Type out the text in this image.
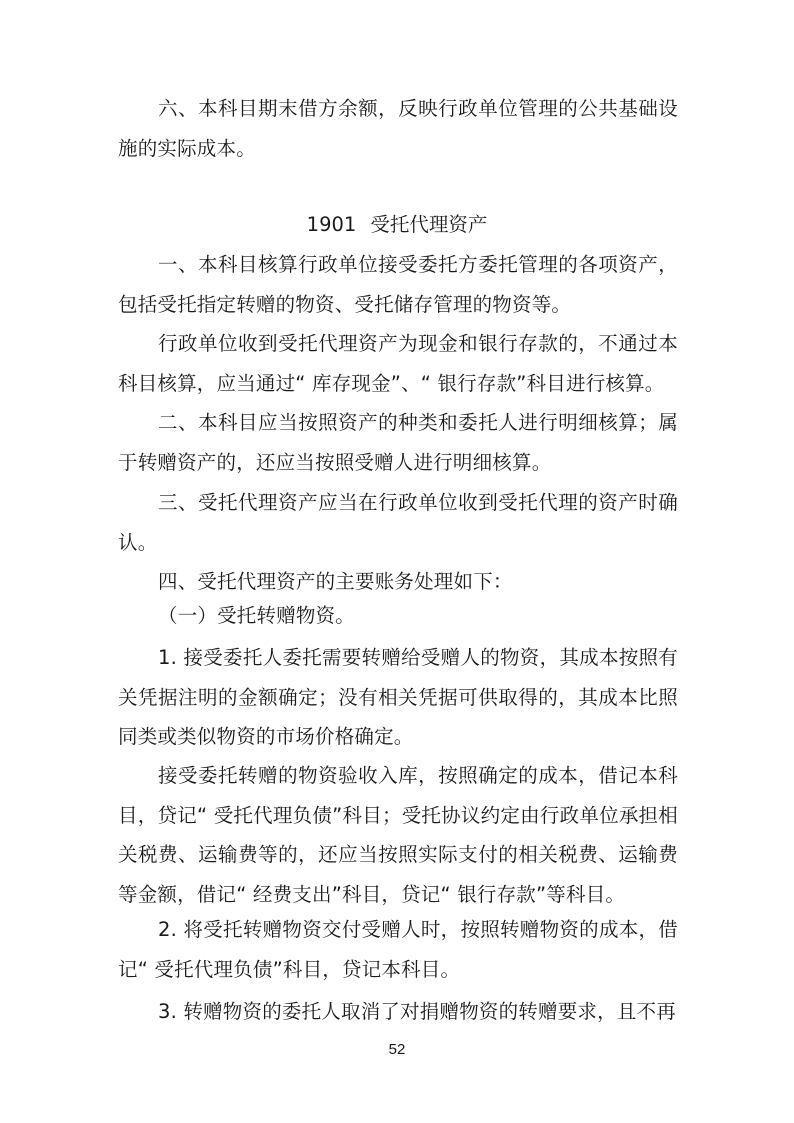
六、本科目期末借方余额，反映行政单位管理的公共基础设施的实际成本。

1901 受托代理资产

一、本科目核算行政单位接受委托方委托管理的各项资产，包括受托指定转赠的物资、受托储存管理的物资等。

行政单位收到受托代理资产为现金和银行存款的，不通过本科目核算，应当通过“ 库存现金”、“ 银行存款”科目进行核算。

二、本科目应当按照资产的种类和委托人进行明细核算；属于转赠资产的，还应当按照受赠人进行明细核算。

三、受托代理资产应当在行政单位收到受托代理的资产时确认。

四、受托代理资产的主要账务处理如下：

（一）受托转赠物资。

1. 接受委托人委托需要转赠给受赠人的物资，其成本按照有关凭据注明的金额确定；没有相关凭据可供取得的，其成本比照同类或类似物资的市场价格确定。

接受委托转赠的物资验收入库，按照确定的成本，借记本科目，贷记“ 受托代理负债”科目；受托协议约定由行政单位承担相关税费、运输费等的，还应当按照实际支付的相关税费、运输费等金额，借记“ 经费支出”科目，贷记“ 银行存款”等科目。

2. 将受托转赠物资交付受赠人时，按照转赠物资的成本，借记“ 受托代理负债”科目，贷记本科目。

3. 转赠物资的委托人取消了对捐赠物资的转赠要求，且不再

52
